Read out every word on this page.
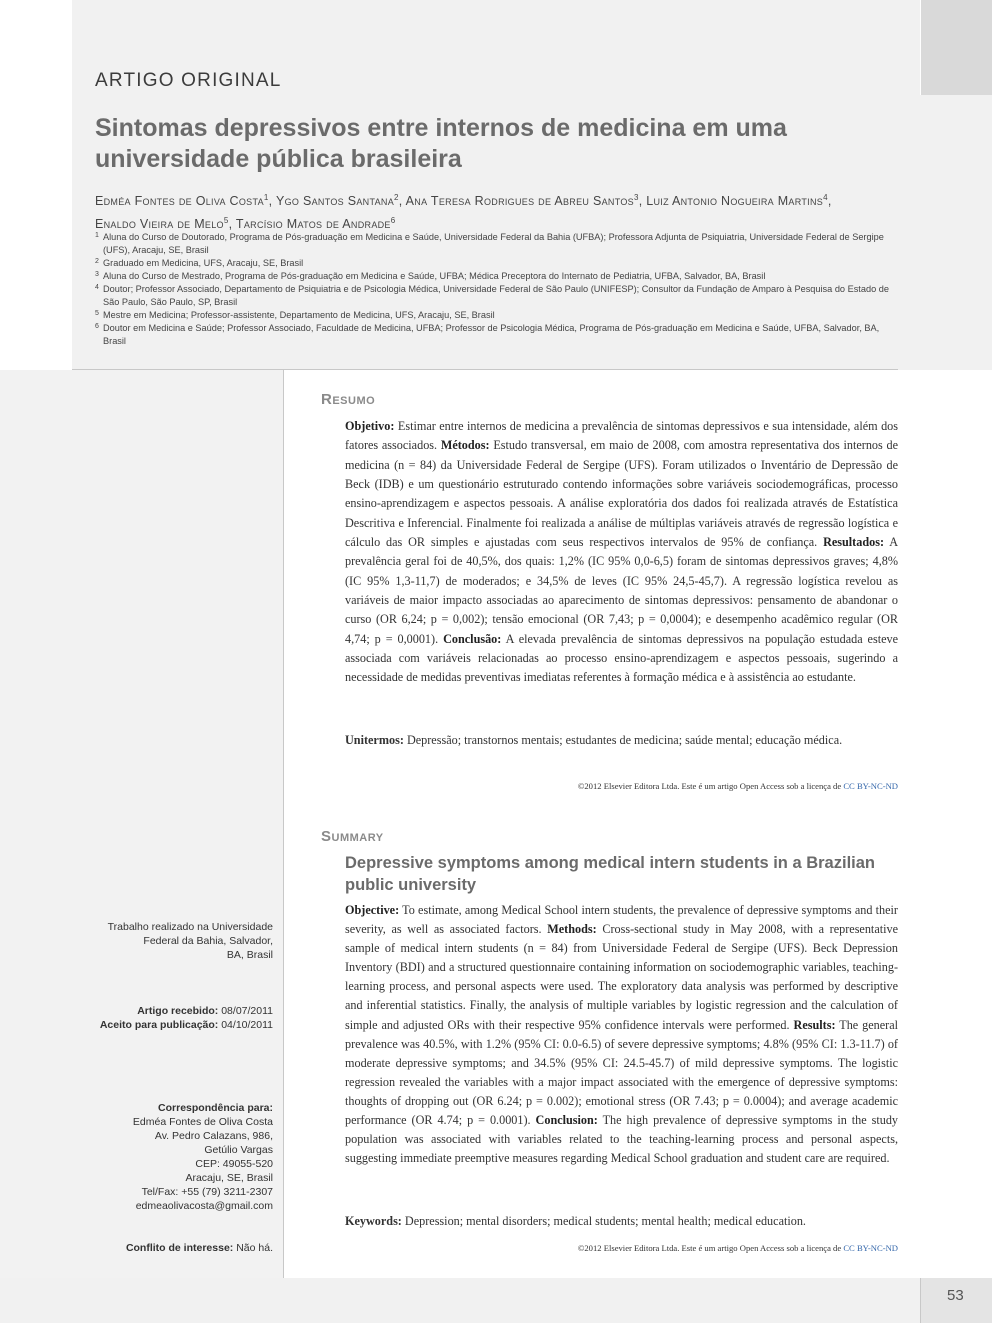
ARTIGO ORIGINAL

Sintomas depressivos entre internos de medicina em uma universidade pública brasileira

Edméa Fontes de Oliva Costa$^1$, Ygo Santos Santana$^2$, Ana Teresa Rodrigues de Abreu Santos$^3$, Luiz Antonio Nogueira Martins$^4$,
Enaldo Vieira de Melo$^5$, Tarcísio Matos de Andrade$^6$

1 Aluna do Curso de Doutorado, Programa de Pós-graduação em Medicina e Saúde, Universidade Federal da Bahia (UFBA); Professora Adjunta de Psiquiatria, Universidade Federal de Sergipe (UFS), Aracaju, SE, Brasil
2 Graduado em Medicina, UFS, Aracaju, SE, Brasil
3 Aluna do Curso de Mestrado, Programa de Pós-graduação em Medicina e Saúde, UFBA; Médica Preceptora do Internato de Pediatria, UFBA, Salvador, BA, Brasil
4 Doutor; Professor Associado, Departamento de Psiquiatria e de Psicologia Médica, Universidade Federal de São Paulo (UNIFESP); Consultor da Fundação de Amparo à Pesquisa do Estado de São Paulo, São Paulo, SP, Brasil
5 Mestre em Medicina; Professor-assistente, Departamento de Medicina, UFS, Aracaju, SE, Brasil
6 Doutor em Medicina e Saúde; Professor Associado, Faculdade de Medicina, UFBA; Professor de Psicologia Médica, Programa de Pós-graduação em Medicina e Saúde, UFBA, Salvador, BA, Brasil
Trabalho realizado na Universidade
Federal da Bahia, Salvador,
BA, Brasil
Artigo recebido: 08/07/2011
Aceito para publicação: 04/10/2011
Correspondência para:
Edméa Fontes de Oliva Costa
Av. Pedro Calazans, 986,
Getúlio Vargas
CEP: 49055-520
Aracaju, SE, Brasil
Tel/Fax: +55 (79) 3211-2307
edmeaolivacosta@gmail.com
Conflito de interesse: Não há.
Resumo

Objetivo: Estimar entre internos de medicina a prevalência de sintomas depressivos e sua intensidade, além dos fatores associados. Métodos: Estudo transversal, em maio de 2008, com amostra representativa dos internos de medicina (n = 84) da Universidade Federal de Sergipe (UFS). Foram utilizados o Inventário de Depressão de Beck (IDB) e um questionário estruturado contendo informações sobre variáveis sociodemográficas, processo ensino-aprendizagem e aspectos pessoais. A análise exploratória dos dados foi realizada através de Estatística Descritiva e Inferencial. Finalmente foi realizada a análise de múltiplas variáveis através de regressão logística e cálculo das OR simples e ajustadas com seus respectivos intervalos de 95% de confiança. Resultados: A prevalência geral foi de 40,5%, dos quais: 1,2% (IC 95% 0,0-6,5) foram de sintomas depressivos graves; 4,8% (IC 95% 1,3-11,7) de moderados; e 34,5% de leves (IC 95% 24,5-45,7). A regressão logística revelou as variáveis de maior impacto associadas ao aparecimento de sintomas depressivos: pensamento de abandonar o curso (OR 6,24; p = 0,002); tensão emocional (OR 7,43; p = 0,0004); e desempenho acadêmico regular (OR 4,74; p = 0,0001). Conclusão: A elevada prevalência de sintomas depressivos na população estudada esteve associada com variáveis relacionadas ao processo ensino-aprendizagem e aspectos pessoais, sugerindo a necessidade de medidas preventivas imediatas referentes à formação médica e à assistência ao estudante.

Unitermos: Depressão; transtornos mentais; estudantes de medicina; saúde mental; educação médica.

©2012 Elsevier Editora Ltda. Este é um artigo Open Access sob a licença de CC BY-NC-ND

Summary
Depressive symptoms among medical intern students in a Brazilian public university

Objective: To estimate, among Medical School intern students, the prevalence of depressive symptoms and their severity, as well as associated factors. Methods: Cross-sectional study in May 2008, with a representative sample of medical intern students (n = 84) from Universidade Federal de Sergipe (UFS). Beck Depression Inventory (BDI) and a structured questionnaire containing information on sociodemographic variables, teaching-learning process, and personal aspects were used. The exploratory data analysis was performed by descriptive and inferential statistics. Finally, the analysis of multiple variables by logistic regression and the calculation of simple and adjusted ORs with their respective 95% confidence intervals were performed. Results: The general prevalence was 40.5%, with 1.2% (95% CI: 0.0-6.5) of severe depressive symptoms; 4.8% (95% CI: 1.3-11.7) of moderate depressive symptoms; and 34.5% (95% CI: 24.5-45.7) of mild depressive symptoms. The logistic regression revealed the variables with a major impact associated with the emergence of depressive symptoms: thoughts of dropping out (OR 6.24; p = 0.002); emotional stress (OR 7.43; p = 0.0004); and average academic performance (OR 4.74; p = 0.0001). Conclusion: The high prevalence of depressive symptoms in the study population was associated with variables related to the teaching-learning process and personal aspects, suggesting immediate preemptive measures regarding Medical School graduation and student care are required.

Keywords: Depression; mental disorders; medical students; mental health; medical education.

©2012 Elsevier Editora Ltda. Este é um artigo Open Access sob a licença de CC BY-NC-ND

53
